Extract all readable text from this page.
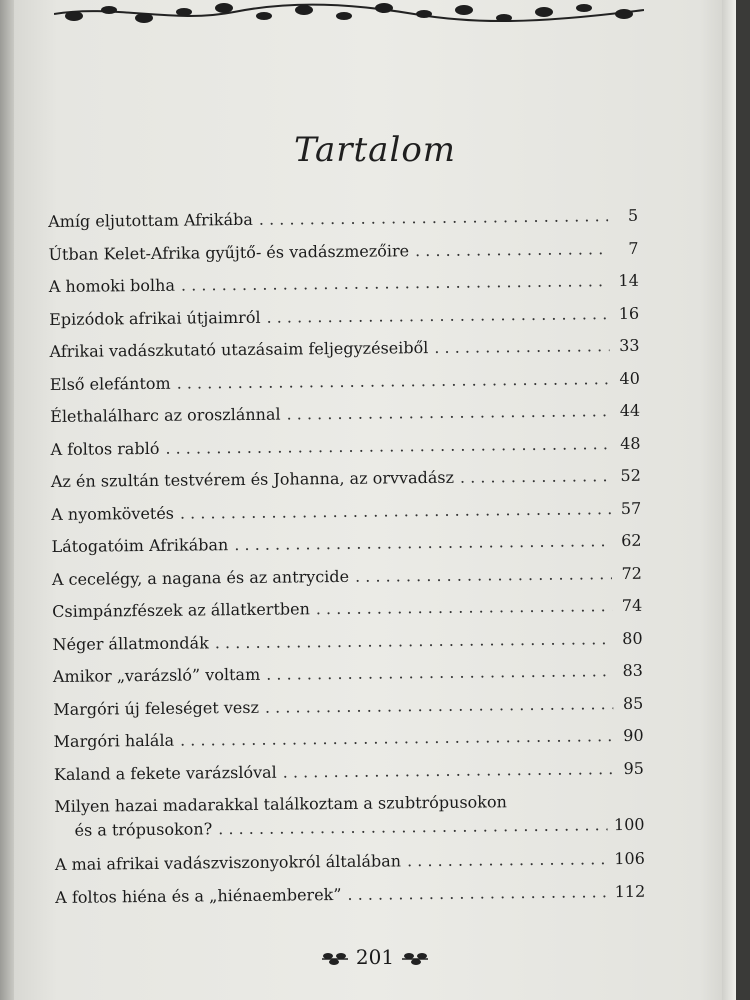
Tartalom
Amíg eljutottam Afrikába . . .	5
Útban Kelet-Afrika gyűjtő- és vadászmezőire . . .	7
A homoki bolha . . .	14
Epizódok afrikai útjaimról . . .	16
Afrikai vadászkutató utazásaim feljegyzéseiből . . .	33
Első elefántom . . .	40
Élethalálharc az oroszlánnal . . .	44
A foltos rabló . . .	48
Az én szultán testvérem és Johanna, az orvvadász . . .	52
A nyomkövetés . . .	57
Látogatóim Afrikában . . .	62
A cecelégy, a nagana és az antrycide . . .	72
Csimpánzfészek az állatkertben . . .	74
Néger állatmondák . . .	80
Amikor „varázsló” voltam . . .	83
Margóri új feleséget vesz . . .	85
Margóri halála . . .	90
Kaland a fekete varázslóval . . .	95
Milyen hazai madarakkal találkoztam a szubtrópusokon
és a trópusokon? . . .	100
A mai afrikai vadászviszonyokról általában . . .	106
A foltos hiéna és a „hiénaemberek” . . .	112
201
